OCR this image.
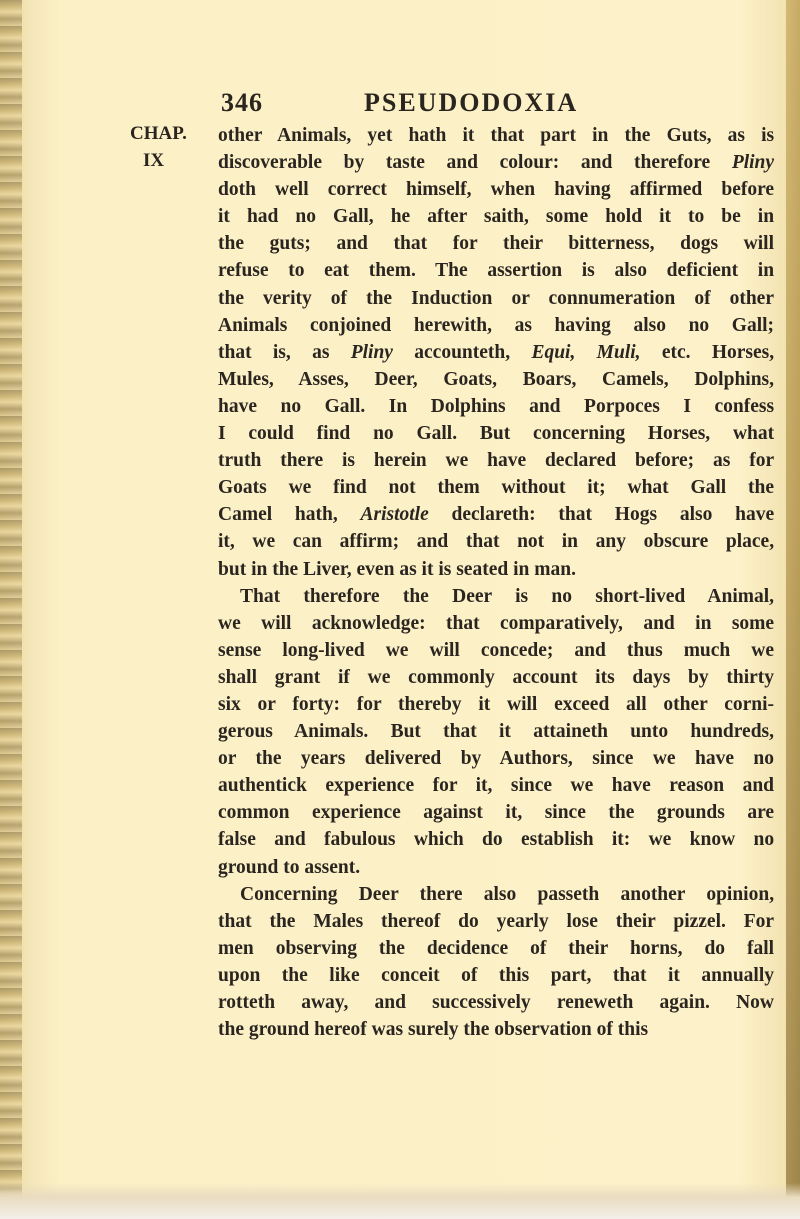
346	PSEUDODOXIA
CHAP.
IX
other Animals, yet hath it that part in the Guts, as is
discoverable by taste and colour: and therefore Pliny
doth well correct himself, when having affirmed before
it had no Gall, he after saith, some hold it to be in
the guts; and that for their bitterness, dogs will
refuse to eat them. The assertion is also deficient in
the verity of the Induction or connumeration of other
Animals conjoined herewith, as having also no Gall;
that is, as Pliny accounteth, Equi, Muli, etc. Horses,
Mules, Asses, Deer, Goats, Boars, Camels, Dolphins,
have no Gall. In Dolphins and Porpoces I confess
I could find no Gall. But concerning Horses, what
truth there is herein we have declared before; as for
Goats we find not them without it; what Gall the
Camel hath, Aristotle declareth: that Hogs also have
it, we can affirm; and that not in any obscure place,
but in the Liver, even as it is seated in man.
That therefore the Deer is no short-lived Animal,
we will acknowledge: that comparatively, and in some
sense long-lived we will concede; and thus much we
shall grant if we commonly account its days by thirty
six or forty: for thereby it will exceed all other corni-
gerous Animals. But that it attaineth unto hundreds,
or the years delivered by Authors, since we have no
authentick experience for it, since we have reason and
common experience against it, since the grounds are
false and fabulous which do establish it: we know no
ground to assent.
Concerning Deer there also passeth another opinion,
that the Males thereof do yearly lose their pizzel. For
men observing the decidence of their horns, do fall
upon the like conceit of this part, that it annually
rotteth away, and successively reneweth again. Now
the ground hereof was surely the observation of this
